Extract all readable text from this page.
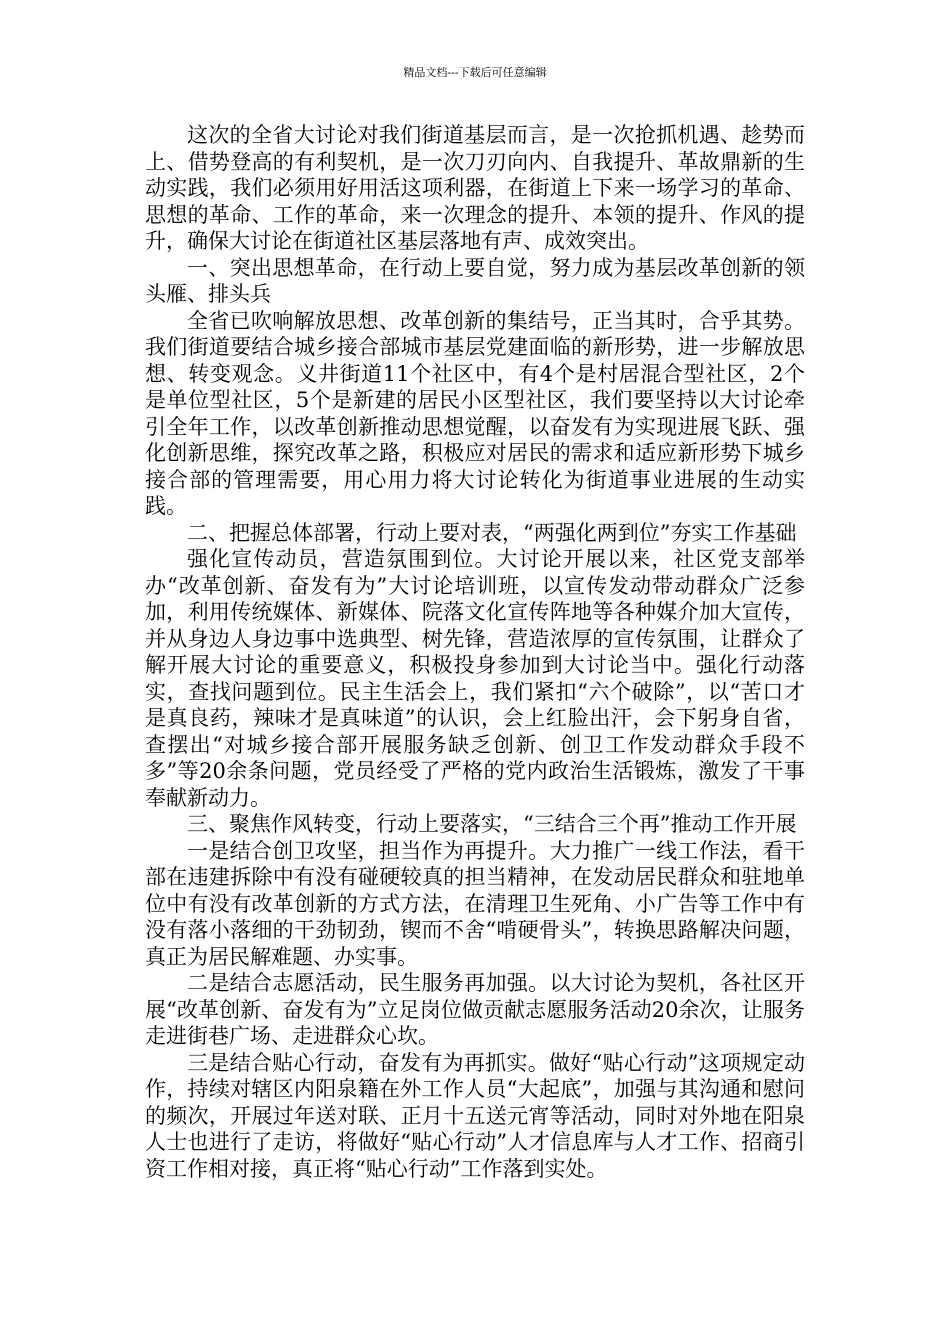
精品文档---下载后可任意编辑

这次的全省大讨论对我们街道基层而言，是一次抢抓机遇、趁势而上、借势登高的有利契机，是一次刀刃向内、自我提升、革故鼎新的生动实践，我们必须用好用活这项利器，在街道上下来一场学习的革命、思想的革命、工作的革命，来一次理念的提升、本领的提升、作风的提升，确保大讨论在街道社区基层落地有声、成效突出。

一、突出思想革命，在行动上要自觉，努力成为基层改革创新的领头雁、排头兵

全省已吹响解放思想、改革创新的集结号，正当其时，合乎其势。我们街道要结合城乡接合部城市基层党建面临的新形势，进一步解放思想、转变观念。义井街道11个社区中，有4个是村居混合型社区，2个是单位型社区，5个是新建的居民小区型社区，我们要坚持以大讨论牵引全年工作，以改革创新推动思想觉醒，以奋发有为实现进展飞跃、强化创新思维，探究改革之路，积极应对居民的需求和适应新形势下城乡接合部的管理需要，用心用力将大讨论转化为街道事业进展的生动实践。

二、把握总体部署，行动上要对表，“两强化两到位”夯实工作基础

强化宣传动员，营造氛围到位。大讨论开展以来，社区党支部举办“改革创新、奋发有为”大讨论培训班，以宣传发动带动群众广泛参加，利用传统媒体、新媒体、院落文化宣传阵地等各种媒介加大宣传，并从身边人身边事中选典型、树先锋，营造浓厚的宣传氛围，让群众了解开展大讨论的重要意义，积极投身参加到大讨论当中。强化行动落实，查找问题到位。民主生活会上，我们紧扣“六个破除”，以“苦口才是真良药，辣味才是真味道”的认识，会上红脸出汗，会下躬身自省，查摆出“对城乡接合部开展服务缺乏创新、创卫工作发动群众手段不多”等20余条问题，党员经受了严格的党内政治生活锻炼，激发了干事奉献新动力。

三、聚焦作风转变，行动上要落实，“三结合三个再”推动工作开展

一是结合创卫攻坚，担当作为再提升。大力推广一线工作法，看干部在违建拆除中有没有碰硬较真的担当精神，在发动居民群众和驻地单位中有没有改革创新的方式方法，在清理卫生死角、小广告等工作中有没有落小落细的干劲韧劲，锲而不舍“啃硬骨头”，转换思路解决问题，真正为居民解难题、办实事。

二是结合志愿活动，民生服务再加强。以大讨论为契机，各社区开展“改革创新、奋发有为”立足岗位做贡献志愿服务活动20余次，让服务走进街巷广场、走进群众心坎。

三是结合贴心行动，奋发有为再抓实。做好“贴心行动”这项规定动作，持续对辖区内阳泉籍在外工作人员“大起底”，加强与其沟通和慰问的频次，开展过年送对联、正月十五送元宵等活动，同时对外地在阳泉人士也进行了走访，将做好“贴心行动”人才信息库与人才工作、招商引资工作相对接，真正将“贴心行动”工作落到实处。
